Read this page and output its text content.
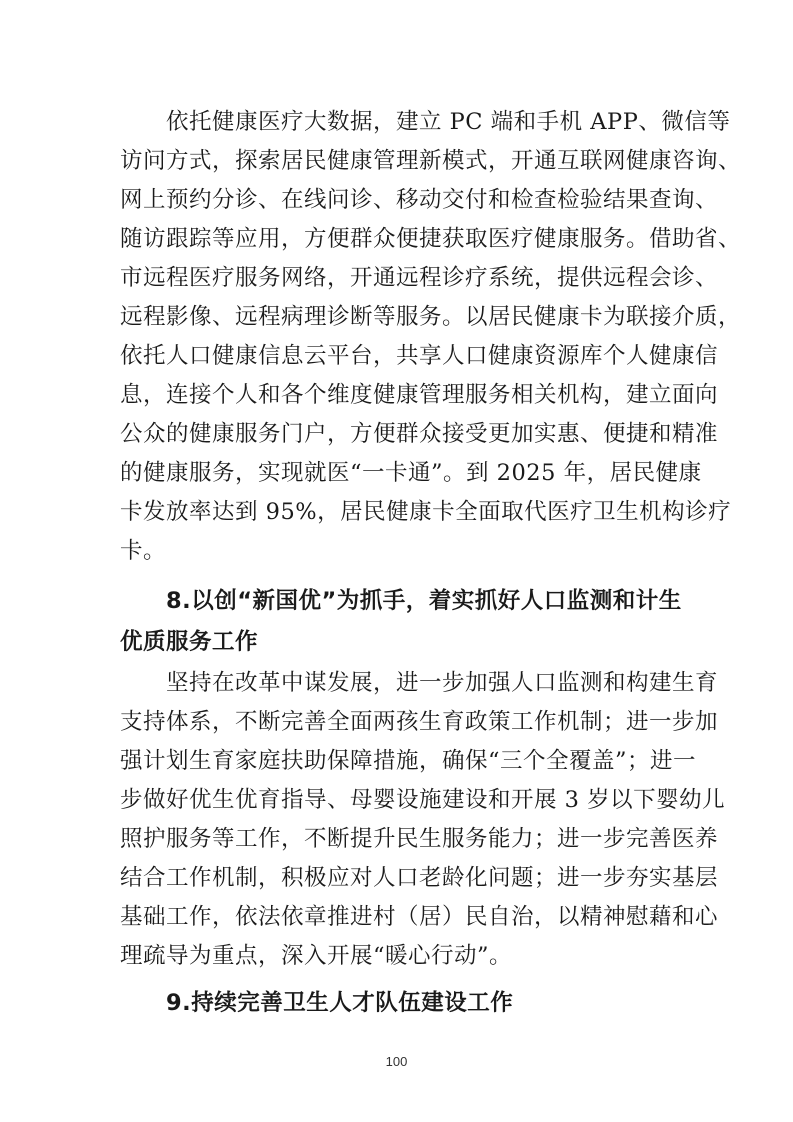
依托健康医疗大数据，建立 PC 端和手机 APP、微信等
访问方式，探索居民健康管理新模式，开通互联网健康咨询、
网上预约分诊、在线问诊、移动交付和检查检验结果查询、
随访跟踪等应用，方便群众便捷获取医疗健康服务。借助省、
市远程医疗服务网络，开通远程诊疗系统，提供远程会诊、
远程影像、远程病理诊断等服务。以居民健康卡为联接介质，
依托人口健康信息云平台，共享人口健康资源库个人健康信
息，连接个人和各个维度健康管理服务相关机构，建立面向
公众的健康服务门户，方便群众接受更加实惠、便捷和精准
的健康服务，实现就医“一卡通”。到 2025 年，居民健康
卡发放率达到 95%，居民健康卡全面取代医疗卫生机构诊疗
卡。
8.以创“新国优”为抓手，着实抓好人口监测和计生
优质服务工作
坚持在改革中谋发展，进一步加强人口监测和构建生育
支持体系，不断完善全面两孩生育政策工作机制；进一步加
强计划生育家庭扶助保障措施，确保“三个全覆盖”；进一
步做好优生优育指导、母婴设施建设和开展 3 岁以下婴幼儿
照护服务等工作，不断提升民生服务能力；进一步完善医养
结合工作机制，积极应对人口老龄化问题；进一步夯实基层
基础工作，依法依章推进村（居）民自治，以精神慰藉和心
理疏导为重点，深入开展“暖心行动”。
9.持续完善卫生人才队伍建设工作
100
